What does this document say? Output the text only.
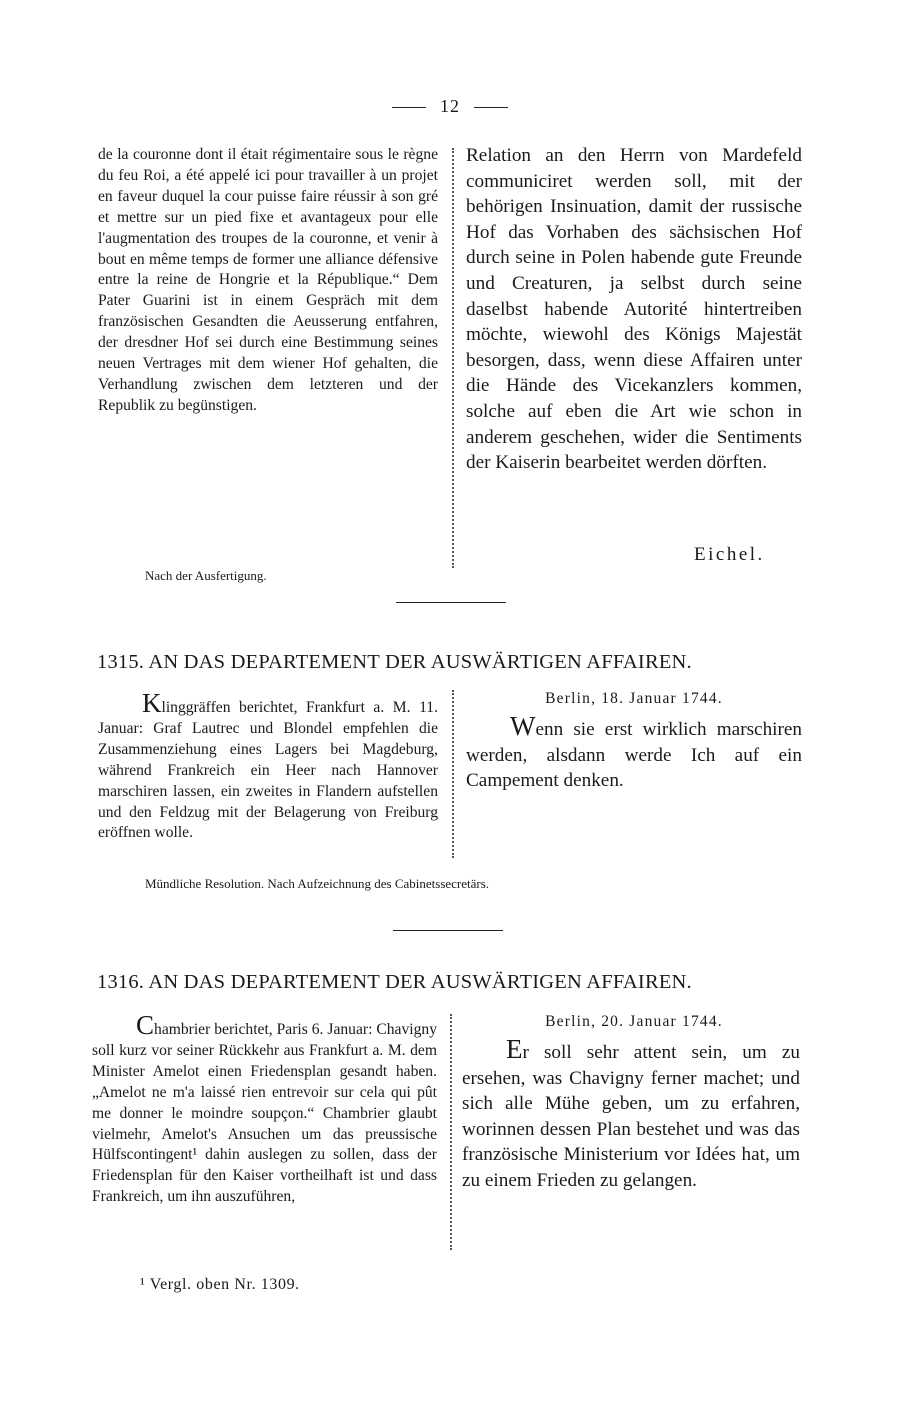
12

de la couronne dont il était régimentaire sous le règne du feu Roi, a été appelé ici pour travailler à un projet en faveur duquel la cour puisse faire réussir à son gré et mettre sur un pied fixe et avantageux pour elle l'augmentation des troupes de la couronne, et venir à bout en même temps de former une alliance défensive entre la reine de Hongrie et la République.“ Dem Pater Guarini ist in einem Gespräch mit dem französischen Gesandten die Aeusserung entfahren, der dresdner Hof sei durch eine Bestimmung seines neuen Vertrages mit dem wiener Hof gehalten, die Verhandlung zwischen dem letzteren und der Republik zu begünstigen.

Relation an den Herrn von Mardefeld communiciret werden soll, mit der behörigen Insinuation, damit der russische Hof das Vorhaben des sächsischen Hof durch seine in Polen habende gute Freunde und Creaturen, ja selbst durch seine daselbst habende Autorité hintertreiben möchte, wiewohl des Königs Majestät besorgen, dass, wenn diese Affairen unter die Hände des Vicekanzlers kommen, solche auf eben die Art wie schon in anderem geschehen, wider die Sentiments der Kaiserin bearbeitet werden dörften.

Eichel.
Nach der Ausfertigung.
1315. AN DAS DEPARTEMENT DER AUSWÄRTIGEN AFFAIREN.

Klinggräffen berichtet, Frankfurt a. M. 11. Januar: Graf Lautrec und Blondel empfehlen die Zusammenziehung eines Lagers bei Magdeburg, während Frankreich ein Heer nach Hannover marschiren lassen, ein zweites in Flandern aufstellen und den Feldzug mit der Belagerung von Freiburg eröffnen wolle.

Berlin, 18. Januar 1744.

Wenn sie erst wirklich marschiren werden, alsdann werde Ich auf ein Campement denken.

Mündliche Resolution. Nach Aufzeichnung des Cabinetssecretärs.
1316. AN DAS DEPARTEMENT DER AUSWÄRTIGEN AFFAIREN.

Chambrier berichtet, Paris 6. Januar: Chavigny soll kurz vor seiner Rückkehr aus Frankfurt a. M. dem Minister Amelot einen Friedensplan gesandt haben. „Amelot ne m'a laissé rien entrevoir sur cela qui pût me donner le moindre soupçon.“ Chambrier glaubt vielmehr, Amelot's Ansuchen um das preussische Hülfscontingent¹ dahin auslegen zu sollen, dass der Friedensplan für den Kaiser vortheilhaft ist und dass Frankreich, um ihn auszuführen,

Berlin, 20. Januar 1744.

Er soll sehr attent sein, um zu ersehen, was Chavigny ferner machet; und sich alle Mühe geben, um zu erfahren, worinnen dessen Plan bestehet und was das französische Ministerium vor Idées hat, um zu einem Frieden zu gelangen.

¹ Vergl. oben Nr. 1309.
